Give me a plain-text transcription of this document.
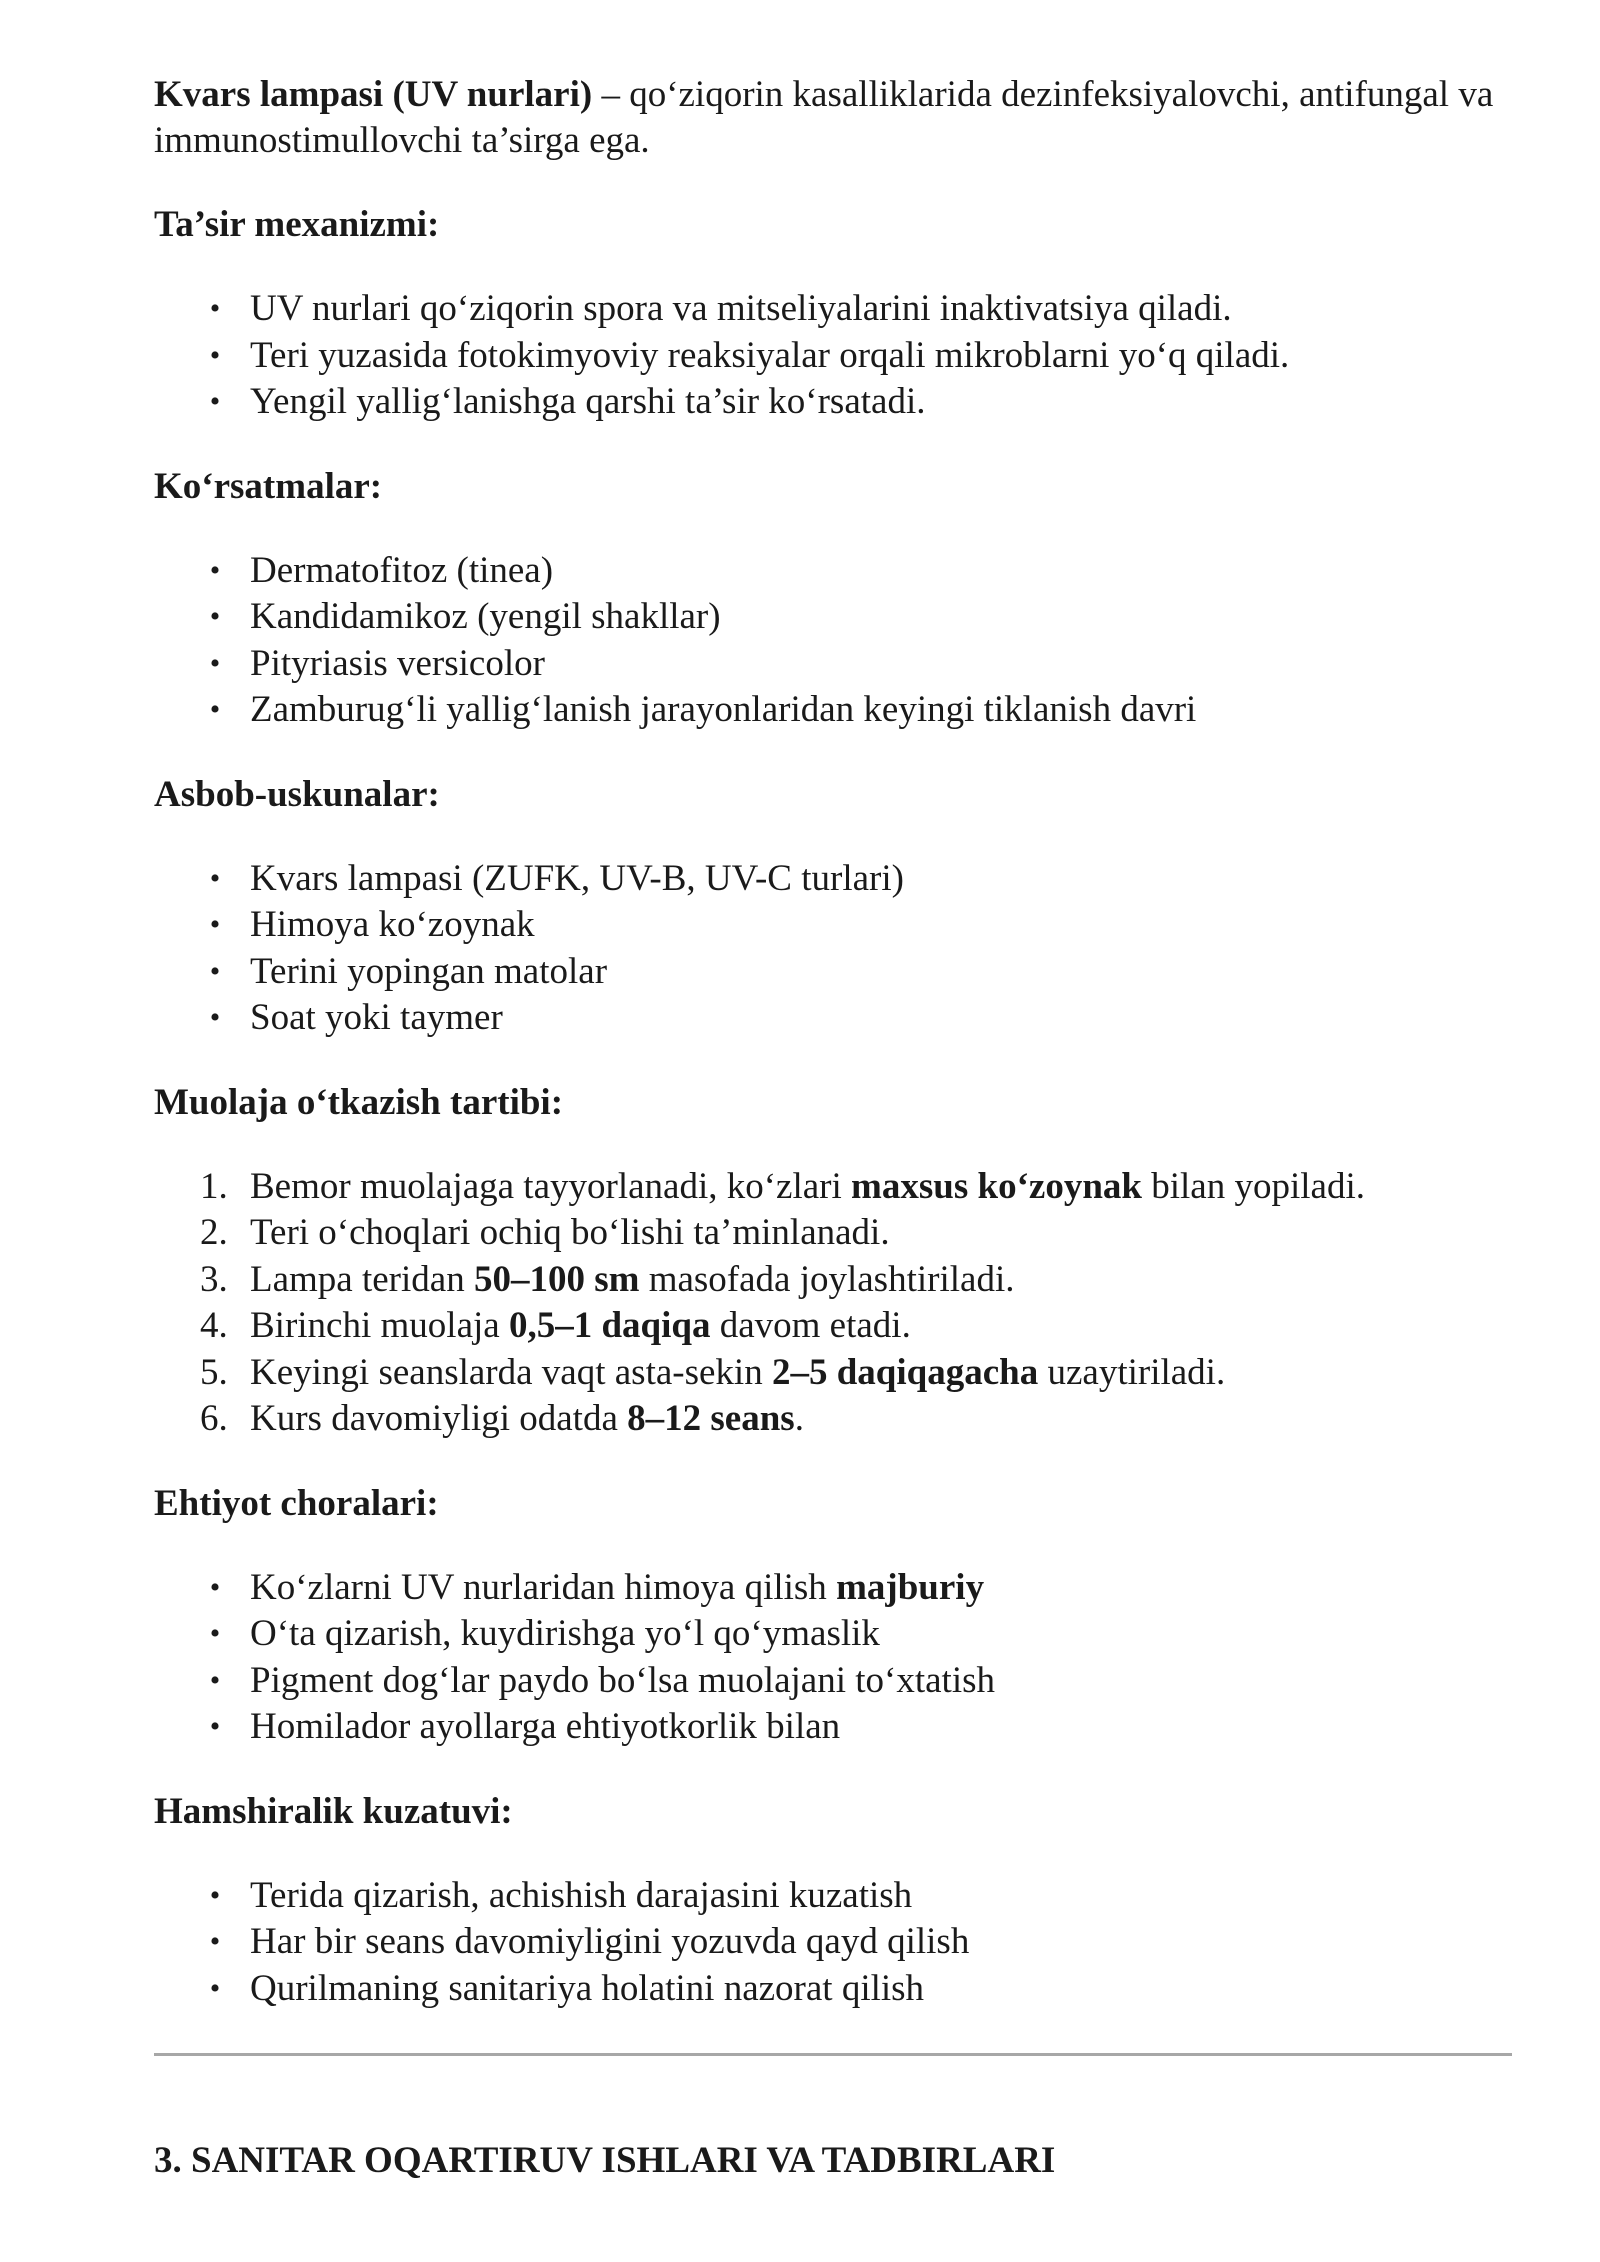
Kvars lampasi (UV nurlari) – qo‘ziqorin kasalliklarida dezinfeksiyalovchi, antifungal va immunostimullovchi ta’sirga ega.

Ta’sir mexanizmi:

• UV nurlari qo‘ziqorin spora va mitseliyalarini inaktivatsiya qiladi.
• Teri yuzasida fotokimyoviy reaksiyalar orqali mikroblarni yo‘q qiladi.
• Yengil yallig‘lanishga qarshi ta’sir ko‘rsatadi.

Ko‘rsatmalar:

• Dermatofitoz (tinea)
• Kandidamikoz (yengil shakllar)
• Pityriasis versicolor
• Zamburug‘li yallig‘lanish jarayonlaridan keyingi tiklanish davri

Asbob-uskunalar:

• Kvars lampasi (ZUFK, UV-B, UV-C turlari)
• Himoya ko‘zoynak
• Terini yopingan matolar
• Soat yoki taymer

Muolaja o‘tkazish tartibi:

1. Bemor muolajaga tayyorlanadi, ko‘zlari maxsus ko‘zoynak bilan yopiladi.
2. Teri o‘choqlari ochiq bo‘lishi ta’minlanadi.
3. Lampa teridan 50–100 sm masofada joylashtiriladi.
4. Birinchi muolaja 0,5–1 daqiqa davom etadi.
5. Keyingi seanslarda vaqt asta-sekin 2–5 daqiqagacha uzaytiriladi.
6. Kurs davomiyligi odatda 8–12 seans.

Ehtiyot choralari:

• Ko‘zlarni UV nurlaridan himoya qilish majburiy
• O‘ta qizarish, kuydirishga yo‘l qo‘ymaslik
• Pigment dog‘lar paydo bo‘lsa muolajani to‘xtatish
• Homilador ayollarga ehtiyotkorlik bilan

Hamshiralik kuzatuvi:

• Terida qizarish, achishish darajasini kuzatish
• Har bir seans davomiyligini yozuvda qayd qilish
• Qurilmaning sanitariya holatini nazorat qilish
3. SANITAR OQARTIRUV ISHLARI VA TADBIRLARI
